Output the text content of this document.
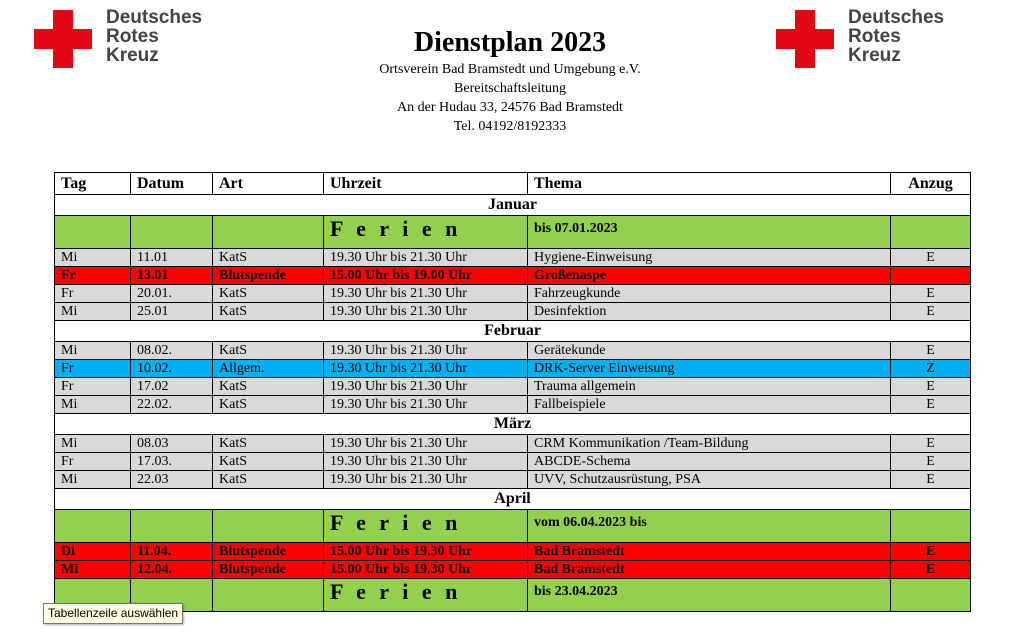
Deutsches
Rotes
Kreuz
Deutsches
Rotes
Kreuz
Dienstplan 2023
Ortsverein Bad Bramstedt und Umgebung e.V.
Bereitschaftsleitung
An der Hudau 33, 24576 Bad Bramstedt
Tel. 04192/8192333
Tag	Datum	Art	Uhrzeit	Thema	Anzug
Januar					

			F e r i e n	bis 07.01.2023	

Mi	11.01	KatS	19.30 Uhr bis 21.30 Uhr	Hygiene-Einweisung	E
Fr	13.01	Blutspende	15.00 Uhr bis 19.00 Uhr	Großenaspe	
Fr	20.01.	KatS	19.30 Uhr bis 21.30 Uhr	Fahrzeugkunde	E
Mi	25.01	KatS	19.30 Uhr bis 21.30 Uhr	Desinfektion	E
Februar					
Mi	08.02.	KatS	19.30 Uhr bis 21.30 Uhr	Gerätekunde	E
Fr	10.02.	Allgem.	19.30 Uhr bis 21.30 Uhr	DRK-Server Einweisung	Z
Fr	17.02	KatS	19.30 Uhr bis 21.30 Uhr	Trauma allgemein	E
Mi	22.02.	KatS	19.30 Uhr bis 21.30 Uhr	Fallbeispiele	E
März					
Mi	08.03	KatS	19.30 Uhr bis 21.30 Uhr	CRM Kommunikation /Team-Bildung	E
Fr	17.03.	KatS	19.30 Uhr bis 21.30 Uhr	ABCDE-Schema	E
Mi	22.03	KatS	19.30 Uhr bis 21.30 Uhr	UVV, Schutzausrüstung, PSA	E
April					

			F e r i e n	vom 06.04.2023 bis	

Di	11.04.	Blutspende	15.00 Uhr bis 19.30 Uhr	Bad Bramstedt	E
Mi	12.04.	Blutspende	15.00 Uhr bis 19.30 Uhr	Bad Bramstedt	E

			F e r i e n	bis 23.04.2023	

Tabellenzeile auswählen
